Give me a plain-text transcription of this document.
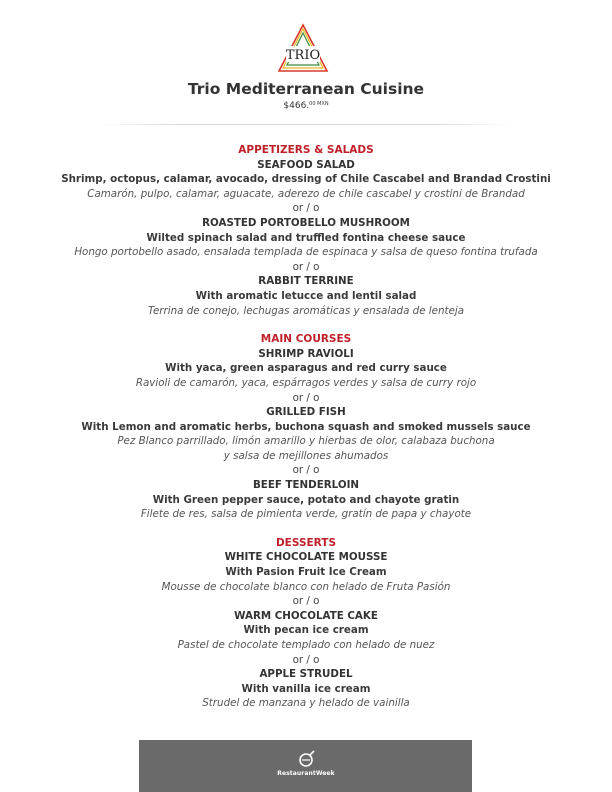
TRIO
Trio Mediterranean Cuisine
$466.$^{00 MXN}$
APPETIZERS & SALADS
SEAFOOD SALAD
Shrimp, octopus, calamar, avocado, dressing of Chile Cascabel and Brandad Crostini
Camarón, pulpo, calamar, aguacate, aderezo de chile cascabel y crostini de Brandad
or / o
ROASTED PORTOBELLO MUSHROOM
Wilted spinach salad and truffled fontina cheese sauce
Hongo portobello asado, ensalada templada de espinaca y salsa de queso fontina trufada
or / o
RABBIT TERRINE
With aromatic letucce and lentil salad
Terrina de conejo, lechugas aromáticas y ensalada de lenteja
MAIN COURSES
SHRIMP RAVIOLI
With yaca, green asparagus and red curry sauce
Ravioli de camarón, yaca, espárragos verdes y salsa de curry rojo
or / o
GRILLED FISH
With Lemon and aromatic herbs, buchona squash and smoked mussels sauce
Pez Blanco parrillado, limón amarillo y hierbas de olor, calabaza buchona
y salsa de mejillones ahumados
or / o
BEEF TENDERLOIN
With Green pepper sauce, potato and chayote gratin
Filete de res, salsa de pimienta verde, gratín de papa y chayote
DESSERTS
WHITE CHOCOLATE MOUSSE
With Pasion Fruit Ice Cream
Mousse de chocolate blanco con helado de Fruta Pasión
or / o
WARM CHOCOLATE CAKE
With pecan ice cream
Pastel de chocolate templado con helado de nuez
or / o
APPLE STRUDEL
With vanilla ice cream
Strudel de manzana y helado de vainilla
RestaurantWeek
